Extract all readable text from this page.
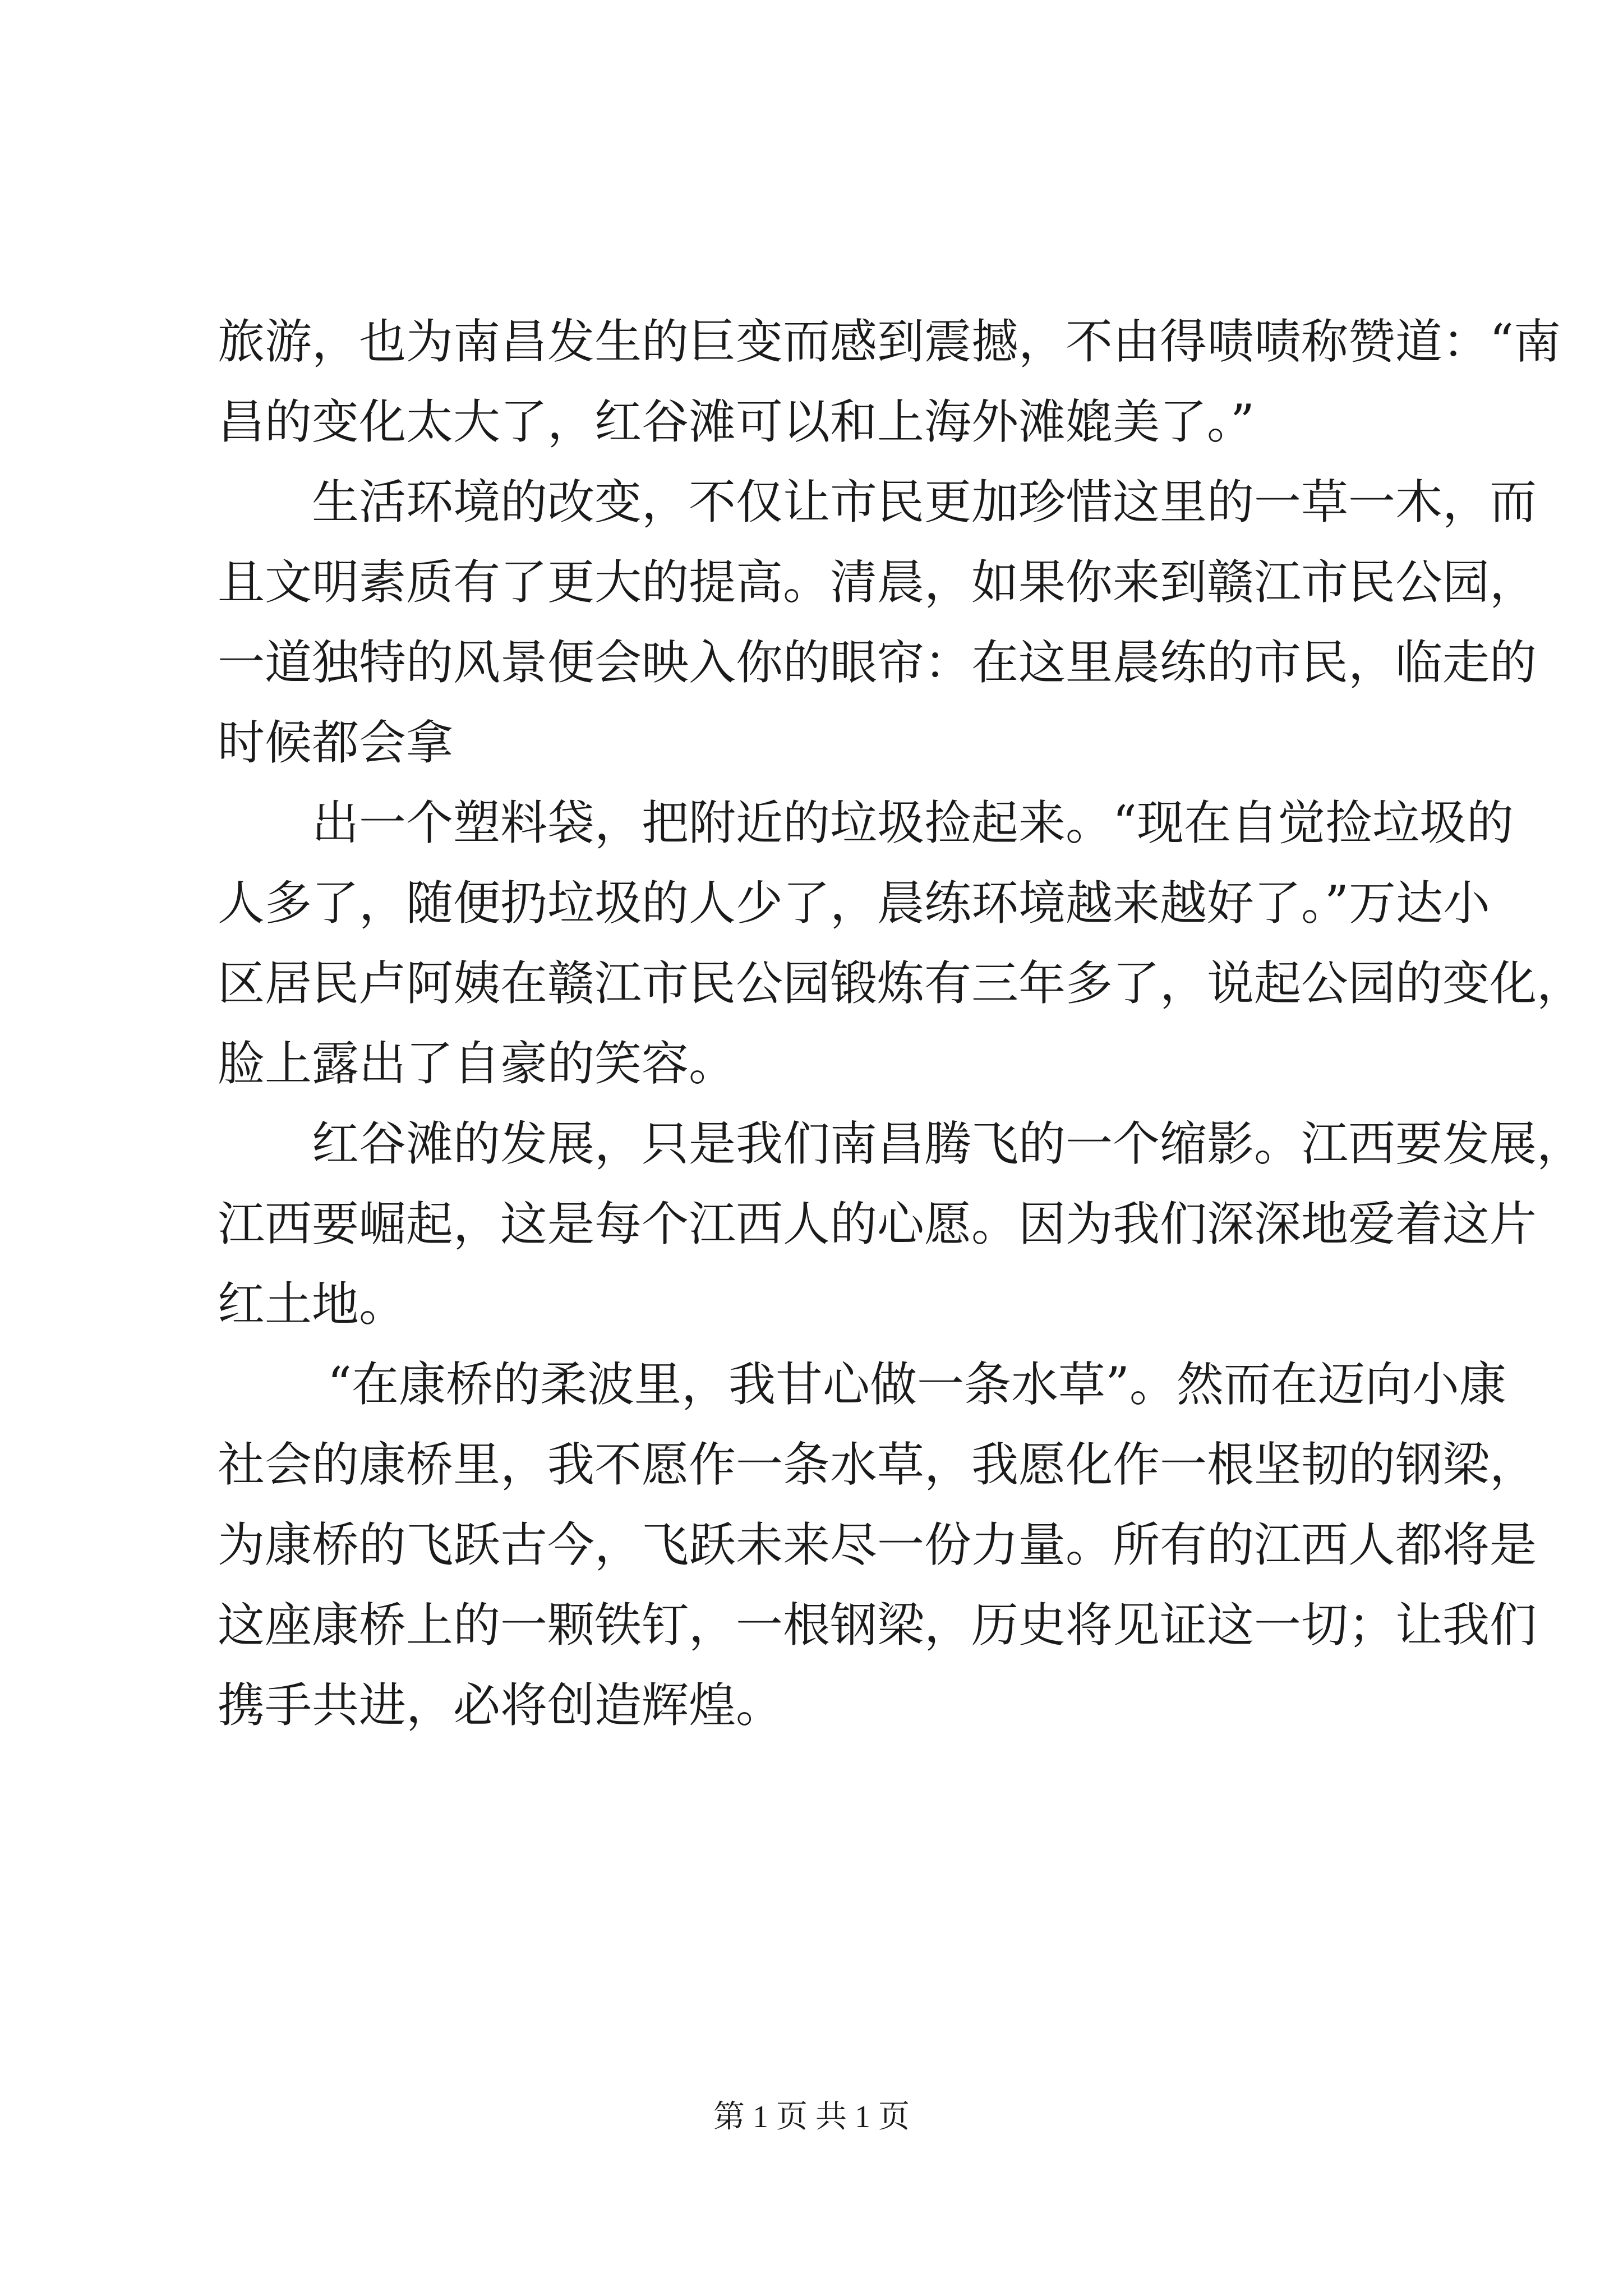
旅游，也为南昌发生的巨变而感到震撼，不由得啧啧称赞道：“南
昌的变化太大了，红谷滩可以和上海外滩媲美了。”
生活环境的改变，不仅让市民更加珍惜这里的一草一木，而
且文明素质有了更大的提高。清晨，如果你来到赣江市民公园，
一道独特的风景便会映入你的眼帘：在这里晨练的市民，临走的
时候都会拿
出一个塑料袋，把附近的垃圾捡起来。“现在自觉捡垃圾的
人多了，随便扔垃圾的人少了，晨练环境越来越好了。”万达小
区居民卢阿姨在赣江市民公园锻炼有三年多了，说起公园的变化，
脸上露出了自豪的笑容。
红谷滩的发展，只是我们南昌腾飞的一个缩影。江西要发展，
江西要崛起，这是每个江西人的心愿。因为我们深深地爱着这片
红土地。
“在康桥的柔波里，我甘心做一条水草”。然而在迈向小康
社会的康桥里，我不愿作一条水草，我愿化作一根坚韧的钢梁，
为康桥的飞跃古今，飞跃未来尽一份力量。所有的江西人都将是
这座康桥上的一颗铁钉，一根钢梁，历史将见证这一切；让我们
携手共进，必将创造辉煌。
第 1 页 共 1 页
